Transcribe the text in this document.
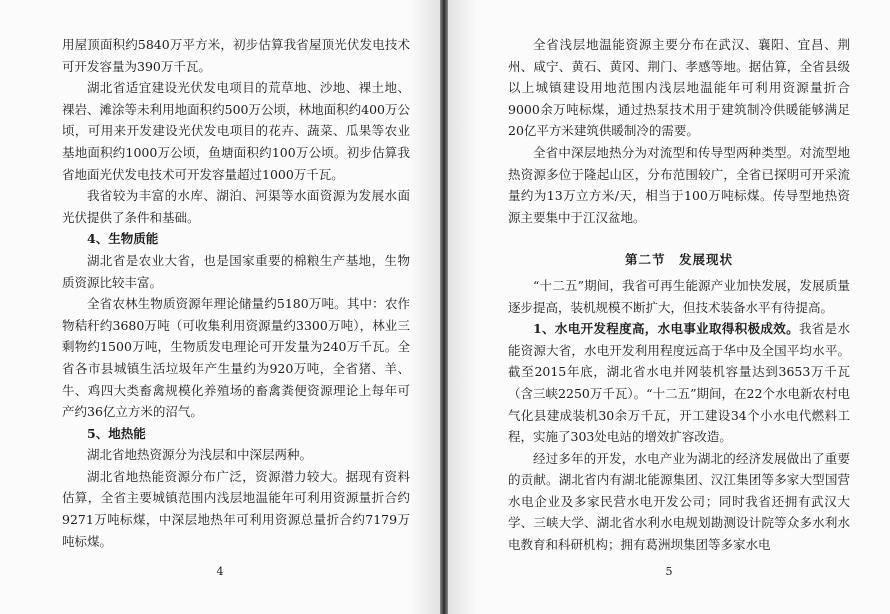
用屋顶面积约5840万平方米，初步估算我省屋顶光伏发电技术可开发容量为390万千瓦。

湖北省适宜建设光伏发电项目的荒草地、沙地、裸土地、裸岩、滩涂等未利用地面积约500万公顷，林地面积约400万公顷，可用来开发建设光伏发电项目的花卉、蔬菜、瓜果等农业基地面积约1000万公顷，鱼塘面积约100万公顷。初步估算我省地面光伏发电技术可开发容量超过1000万千瓦。

我省较为丰富的水库、湖泊、河渠等水面资源为发展水面光伏提供了条件和基础。

4、生物质能

湖北省是农业大省，也是国家重要的棉粮生产基地，生物质资源比较丰富。

全省农林生物质资源年理论储量约5180万吨。其中：农作物秸秆约3680万吨（可收集利用资源量约3300万吨），林业三剩物约1500万吨，生物质发电理论可开发量为240万千瓦。全省各市县城镇生活垃圾年产生量约为920万吨，全省猪、羊、牛、鸡四大类畜禽规模化养殖场的畜禽粪便资源理论上每年可产约36亿立方米的沼气。

5、地热能

湖北省地热资源分为浅层和中深层两种。

湖北省地热能资源分布广泛，资源潜力较大。据现有资料估算，全省主要城镇范围内浅层地温能年可利用资源量折合约9271万吨标煤，中深层地热年可利用资源总量折合约7179万吨标煤。

4

全省浅层地温能资源主要分布在武汉、襄阳、宜昌、荆州、咸宁、黄石、黄冈、荆门、孝感等地。据估算，全省县级以上城镇建设用地范围内浅层地温能年可利用资源量折合9000余万吨标煤，通过热泵技术用于建筑制冷供暖能够满足20亿平方米建筑供暖制冷的需要。

全省中深层地热分为对流型和传导型两种类型。对流型地热资源多位于隆起山区，分布范围较广，全省已探明可开采流量约为13万立方米/天，相当于100万吨标煤。传导型地热资源主要集中于江汉盆地。

第二节　发展现状

“十二五”期间，我省可再生能源产业加快发展，发展质量逐步提高，装机规模不断扩大，但技术装备水平有待提高。

1、水电开发程度高，水电事业取得积极成效。我省是水能资源大省，水电开发利用程度远高于华中及全国平均水平。截至2015年底，湖北省水电并网装机容量达到3653万千瓦（含三峡2250万千瓦）。“十二五”期间，在22个水电新农村电气化县建成装机30余万千瓦，开工建设34个小水电代燃料工程，实施了303处电站的增效扩容改造。

经过多年的开发，水电产业为湖北的经济发展做出了重要的贡献。湖北省内有湖北能源集团、汉江集团等多家大型国营水电企业及多家民营水电开发公司；同时我省还拥有武汉大学、三峡大学、湖北省水利水电规划勘测设计院等众多水利水电教育和科研机构；拥有葛洲坝集团等多家水电

5
